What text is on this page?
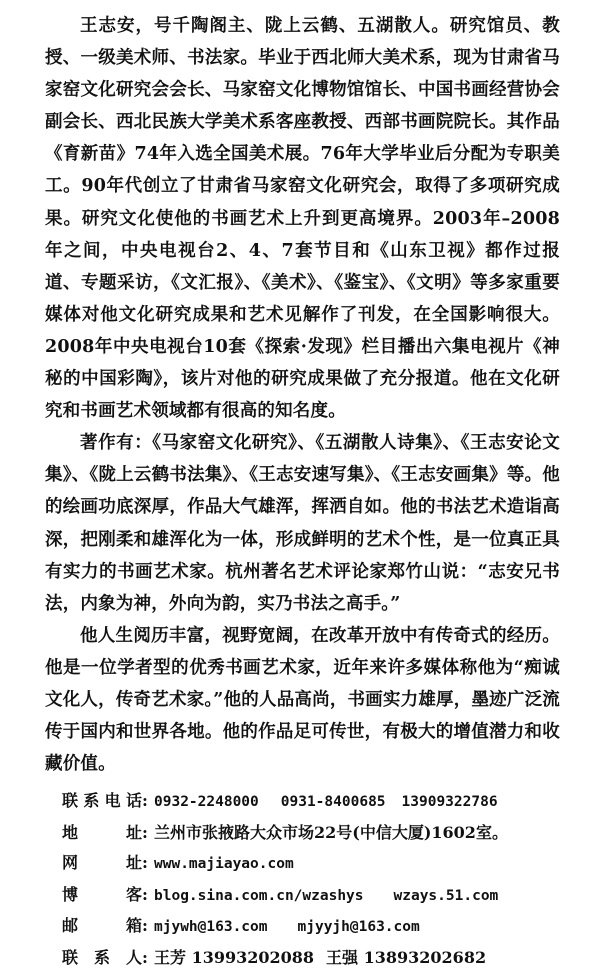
王志安，号千陶阁主、陇上云鹤、五湖散人。研究馆员、教授、一级美术师、书法家。毕业于西北师大美术系，现为甘肃省马家窑文化研究会会长、马家窑文化博物馆馆长、中国书画经营协会副会长、西北民族大学美术系客座教授、西部书画院院长。其作品《育新苗》74年入选全国美术展。76年大学毕业后分配为专职美工。90年代创立了甘肃省马家窑文化研究会，取得了多项研究成果。研究文化使他的书画艺术上升到更高境界。2003年–2008年之间，中央电视台2、4、7套节目和《山东卫视》都作过报道、专题采访，《文汇报》、《美术》、《鉴宝》、《文明》等多家重要媒体对他文化研究成果和艺术见解作了刊发，在全国影响很大。2008年中央电视台10套《探索·发现》栏目播出六集电视片《神秘的中国彩陶》，该片对他的研究成果做了充分报道。他在文化研究和书画艺术领域都有很高的知名度。

著作有：《马家窑文化研究》、《五湖散人诗集》、《王志安论文集》、《陇上云鹤书法集》、《王志安速写集》、《王志安画集》等。他的绘画功底深厚，作品大气雄浑，挥洒自如。他的书法艺术造诣高深，把刚柔和雄浑化为一体，形成鲜明的艺术个性，是一位真正具有实力的书画艺术家。杭州著名艺术评论家郑竹山说：“志安兄书法，内象为神，外向为韵，实乃书法之高手。”

他人生阅历丰富，视野宽阔，在改革开放中有传奇式的经历。他是一位学者型的优秀书画艺术家，近年来许多媒体称他为“痴诚文化人，传奇艺术家。”他的人品高尚，书画实力雄厚，墨迹广泛流传于国内和世界各地。他的作品足可传世，有极大的增值潜力和收藏价值。

联系电话 : 0932-2248000 0931-8400685 13909322786
地址 : 兰州市张掖路大众市场22号(中信大厦)1602室。
网址 : www.majiayao.com
博客 : blog.sina.com.cn/wzashys wzays.51.com
邮箱 : mjywh@163.com mjyyjh@163.com
联系人 : 王芳 13993202088 王强 13893202682
